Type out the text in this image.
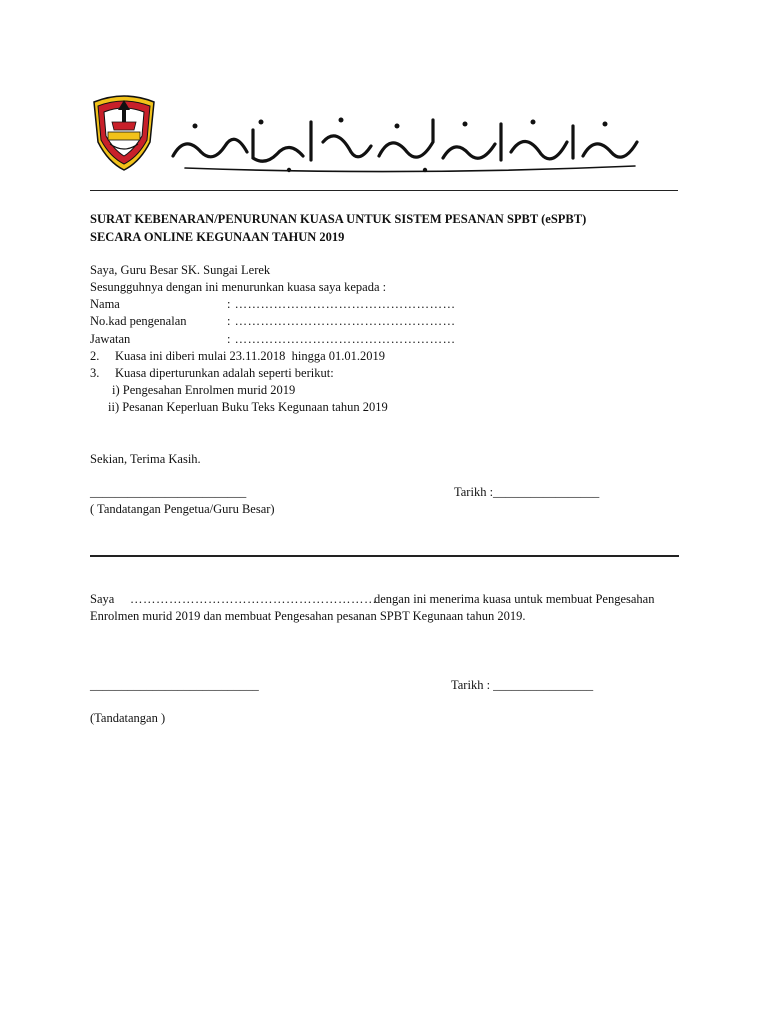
سکوله کبڠسأن سوڠاي لريک ستيوڠ تراڠݢانو
SURAT KEBENARAN/PENURUNAN KUASA UNTUK SISTEM PESANAN SPBT (eSPBT)
SECARA ONLINE KEGUNAAN TAHUN 2019
Saya, Guru Besar SK. Sungai Lerek
Sesungguhnya dengan ini menurunkan kuasa saya kepada :
Nama	: ……………………………………………
No.kad pengenalan	: ……………………………………………
Jawatan	: ……………………………………………
2.     Kuasa ini diberi mulai 23.11.2018  hingga 01.01.2019
3.     Kuasa diperturunkan adalah seperti berikut:
i) Pengesahan Enrolmen murid 2019
ii) Pesanan Keperluan Buku Teks Kegunaan tahun 2019
Sekian, Terima Kasih.
_________________________	Tarikh :_________________
( Tandatangan Pengetua/Guru Besar)
Saya …………………………………………………
dengan ini menerima kuasa untuk membuat Pengesahan
Enrolmen murid 2019 dan membuat Pengesahan pesanan SPBT Kegunaan tahun 2019.
___________________________	Tarikh : ________________
(Tandatangan )
